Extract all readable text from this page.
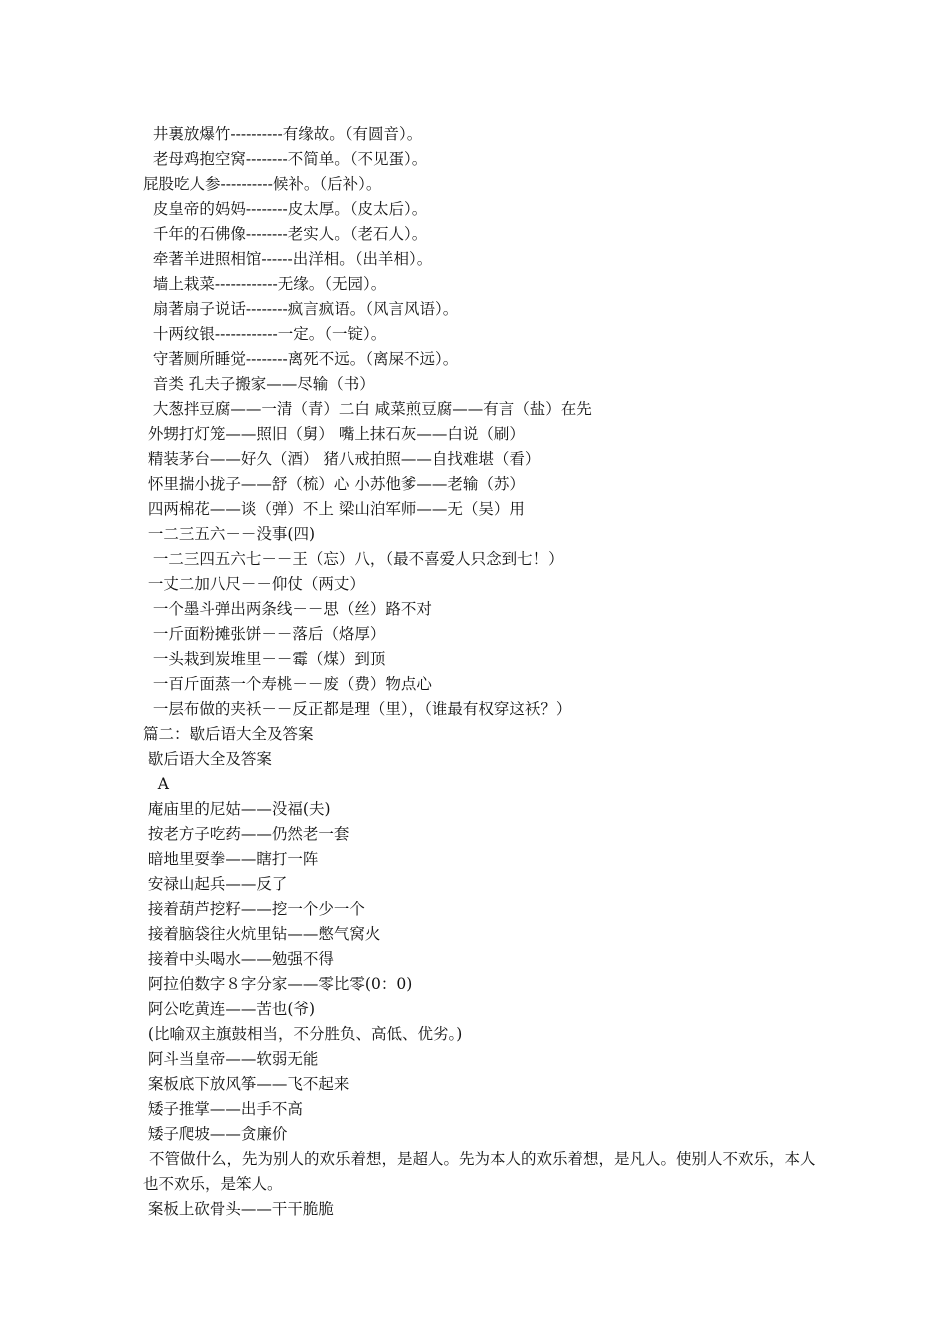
井裏放爆竹----------有缘故。（有圆音）。
老母鸡抱空窝--------不简单。（不见蛋）。
屁股吃人参----------候补。（后补）。
皮皇帝的妈妈--------皮太厚。（皮太后）。
千年的石佛像--------老实人。（老石人）。
牵著羊进照相馆------出洋相。（出羊相）。
墙上栽菜------------无缘。（无园）。
扇著扇子说话--------疯言疯语。（风言风语）。
十两纹银------------一定。（一锭）。
守著厕所睡觉--------离死不远。（离屎不远）。
音类 孔夫子搬家——尽输（书）
大葱拌豆腐——一清（青）二白 咸菜煎豆腐——有言（盐）在先
外甥打灯笼——照旧（舅） 嘴上抹石灰——白说（刷）
精装茅台——好久（酒） 猪八戒拍照——自找难堪（看）
怀里揣小拢子——舒（梳）心 小苏他爹——老输（苏）
四两棉花——谈（弹）不上 梁山泊军师——无（吴）用
一二三五六－－没事(四)
一二三四五六七－－王（忘）八，（最不喜爱人只念到七！）
一丈二加八尺－－仰仗（两丈）
一个墨斗弹出两条线－－思（丝）路不对
一斤面粉摊张饼－－落后（烙厚）
一头栽到炭堆里－－霉（煤）到顶
一百斤面蒸一个寿桃－－废（费）物点心
一层布做的夹袄－－反正都是理（里），（谁最有权穿这袄？）
篇二：歇后语大全及答案
歇后语大全及答案
A
庵庙里的尼姑——没福(夫)
按老方子吃药——仍然老一套
暗地里耍拳——瞎打一阵
安禄山起兵——反了
接着葫芦挖籽——挖一个少一个
接着脑袋往火炕里钻——憋气窝火
接着中头喝水——勉强不得
阿拉伯数字８字分家——零比零(0：0)
阿公吃黄连——苦也(爷)
(比喻双主旗鼓相当，不分胜负、高低、优劣。)
阿斗当皇帝——软弱无能
案板底下放风筝——飞不起来
矮子推掌——出手不高
矮子爬坡——贪廉价
不管做什么，先为别人的欢乐着想，是超人。先为本人的欢乐着想，是凡人。使别人不欢乐，本人也不欢乐，是笨人。
案板上砍骨头——干干脆脆
